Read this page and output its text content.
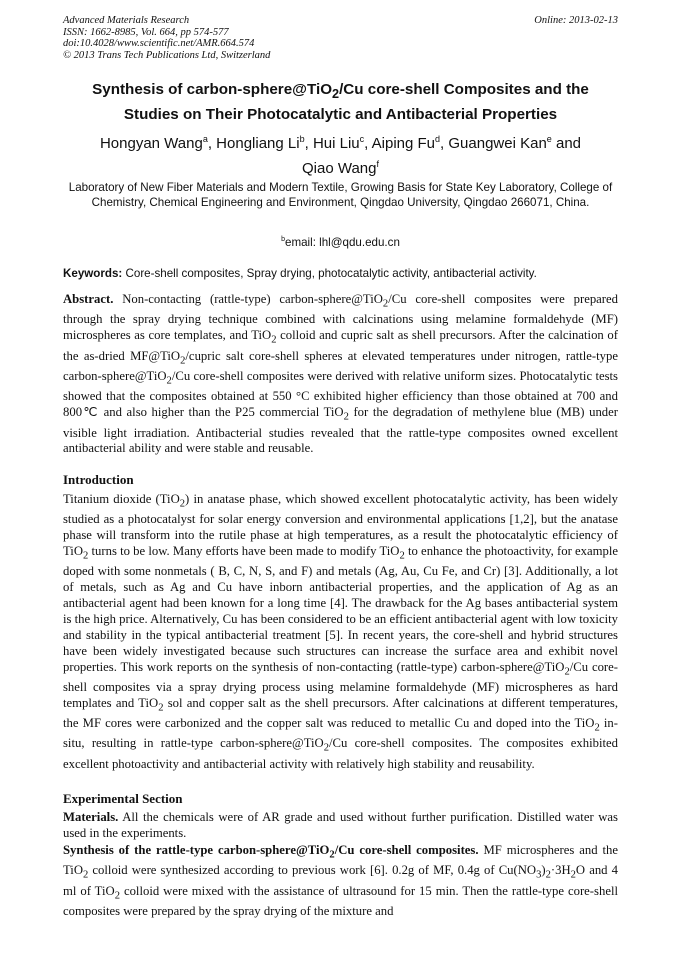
Advanced Materials Research
ISSN: 1662-8985, Vol. 664, pp 574-577
doi:10.4028/www.scientific.net/AMR.664.574
© 2013 Trans Tech Publications Ltd, Switzerland
Online: 2013-02-13
Synthesis of carbon-sphere@TiO$_2$/Cu core-shell Composites and the Studies on Their Photocatalytic and Antibacterial Properties
Hongyan Wang$^a$, Hongliang Li$^b$, Hui Liu$^c$, Aiping Fu$^d$, Guangwei Kan$^e$ and
Qiao Wang$^f$
Laboratory of New Fiber Materials and Modern Textile, Growing Basis for State Key Laboratory, College of Chemistry, Chemical Engineering and Environment, Qingdao University, Qingdao 266071, China.
$^b$email: lhl@qdu.edu.cn
Keywords: Core-shell composites, Spray drying, photocatalytic activity, antibacterial activity.
Abstract. Non-contacting (rattle-type) carbon-sphere@TiO$_2$/Cu core-shell composites were prepared through the spray drying technique combined with calcinations using melamine formaldehyde (MF) microspheres as core templates, and TiO$_2$ colloid and cupric salt as shell precursors. After the calcination of the as-dried MF@TiO$_2$/cupric salt core-shell spheres at elevated temperatures under nitrogen, rattle-type carbon-sphere@TiO$_2$/Cu core-shell composites were derived with relative uniform sizes. Photocatalytic tests showed that the composites obtained at 550 °C exhibited higher efficiency than those obtained at 700 and 800℃ and also higher than the P25 commercial TiO$_2$ for the degradation of methylene blue (MB) under visible light irradiation. Antibacterial studies revealed that the rattle-type composites owned excellent antibacterial ability and were stable and reusable.
Introduction
Titanium dioxide (TiO$_2$) in anatase phase, which showed excellent photocatalytic activity, has been widely studied as a photocatalyst for solar energy conversion and environmental applications [1,2], but the anatase phase will transform into the rutile phase at high temperatures, as a result the photocatalytic efficiency of TiO$_2$ turns to be low. Many efforts have been made to modify TiO$_2$ to enhance the photoactivity, for example doped with some nonmetals ( B, C, N, S, and F) and metals (Ag, Au, Cu Fe, and Cr) [3]. Additionally, a lot of metals, such as Ag and Cu have inborn antibacterial properties, and the application of Ag as an antibacterial agent had been known for a long time [4]. The drawback for the Ag bases antibacterial system is the high price. Alternatively, Cu has been considered to be an efficient antibacterial agent with low toxicity and stability in the typical antibacterial treatment [5]. In recent years, the core-shell and hybrid structures have been widely investigated because such structures can increase the surface area and exhibit novel properties. This work reports on the synthesis of non-contacting (rattle-type) carbon-sphere@TiO$_2$/Cu core-shell composites via a spray drying process using melamine formaldehyde (MF) microspheres as hard templates and TiO$_2$ sol and copper salt as the shell precursors. After calcinations at different temperatures, the MF cores were carbonized and the copper salt was reduced to metallic Cu and doped into the TiO$_2$ in-situ, resulting in rattle-type carbon-sphere@TiO$_2$/Cu core-shell composites. The composites exhibited excellent photoactivity and antibacterial activity with relatively high stability and reusability.
Experimental Section
Materials. All the chemicals were of AR grade and used without further purification. Distilled water was used in the experiments.
Synthesis of the rattle-type carbon-sphere@TiO$_2$/Cu core-shell composites. MF microspheres and the TiO$_2$ colloid were synthesized according to previous work [6]. 0.2g of MF, 0.4g of $Cu(NO_3)_2\cdot 3H_2O$ and 4 ml of TiO$_2$ colloid were mixed with the assistance of ultrasound for 15 min. Then the rattle-type core-shell composites were prepared by the spray drying of the mixture and
